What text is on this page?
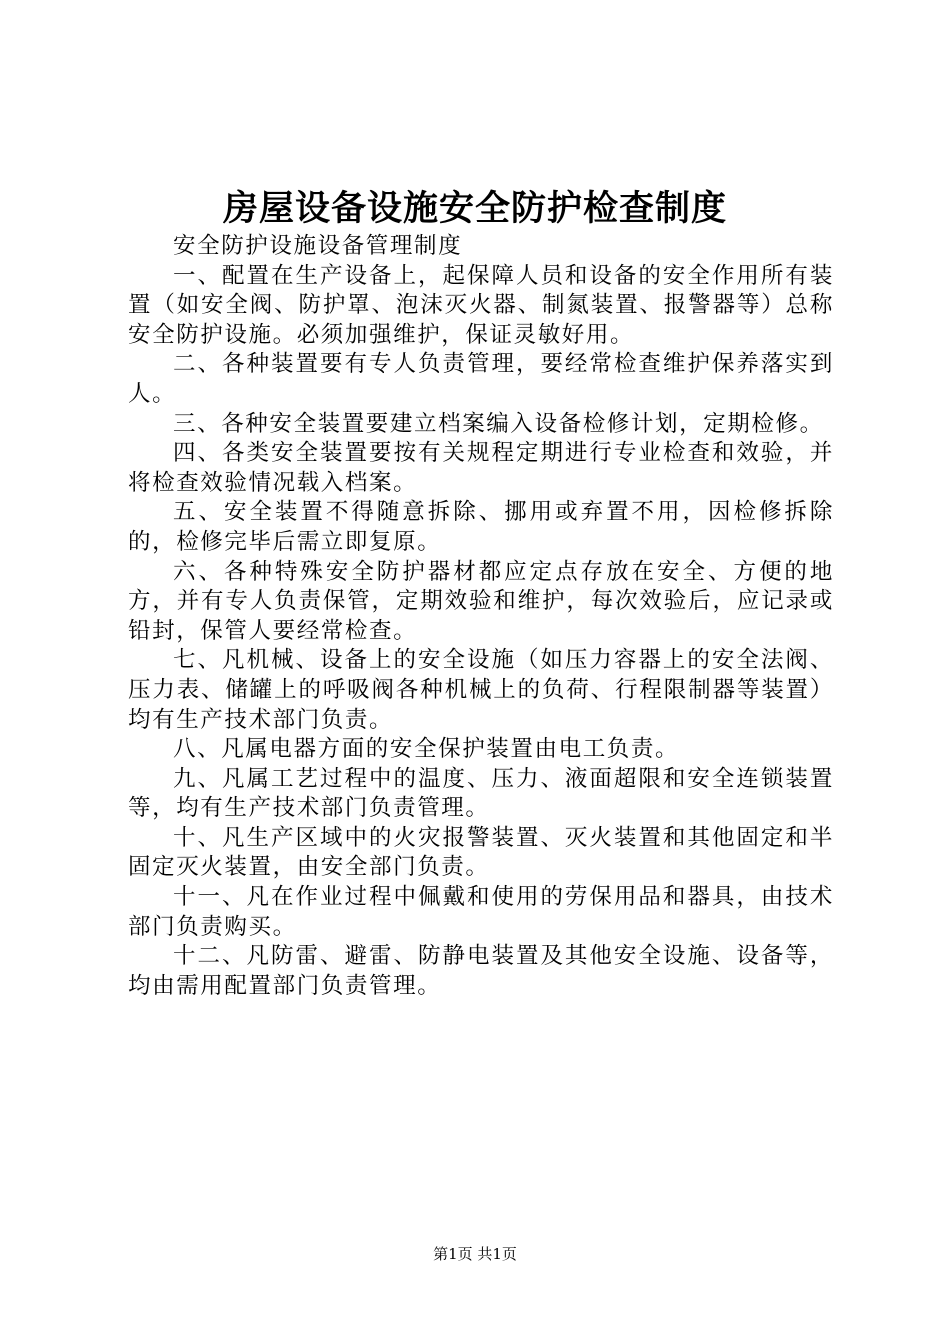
房屋设备设施安全防护检查制度

安全防护设施设备管理制度

一、配置在生产设备上，起保障人员和设备的安全作用所有装置（如安全阀、防护罩、泡沫灭火器、制氮装置、报警器等）总称安全防护设施。必须加强维护，保证灵敏好用。

二、各种装置要有专人负责管理，要经常检查维护保养落实到人。

三、各种安全装置要建立档案编入设备检修计划，定期检修。

四、各类安全装置要按有关规程定期进行专业检查和效验，并将检查效验情况载入档案。

五、安全装置不得随意拆除、挪用或弃置不用，因检修拆除的，检修完毕后需立即复原。

六、各种特殊安全防护器材都应定点存放在安全、方便的地方，并有专人负责保管，定期效验和维护，每次效验后，应记录或铅封，保管人要经常检查。

七、凡机械、设备上的安全设施（如压力容器上的安全法阀、压力表、储罐上的呼吸阀各种机械上的负荷、行程限制器等装置）均有生产技术部门负责。

八、凡属电器方面的安全保护装置由电工负责。

九、凡属工艺过程中的温度、压力、液面超限和安全连锁装置等，均有生产技术部门负责管理。

十、凡生产区域中的火灾报警装置、灭火装置和其他固定和半固定灭火装置，由安全部门负责。

十一、凡在作业过程中佩戴和使用的劳保用品和器具，由技术部门负责购买。

十二、凡防雷、避雷、防静电装置及其他安全设施、设备等，均由需用配置部门负责管理。

第1页 共1页
